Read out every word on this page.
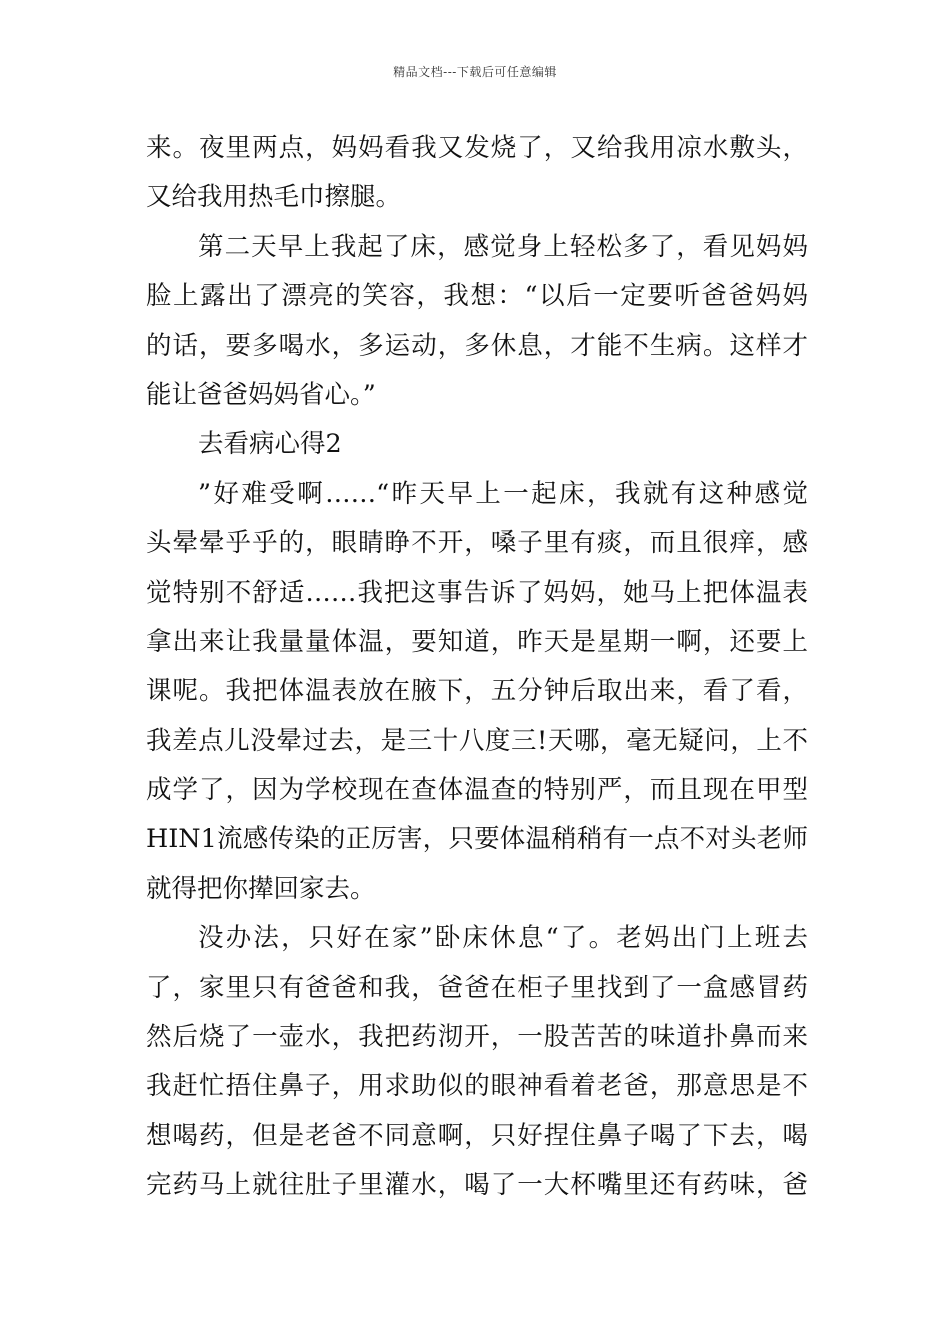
精品文档---下载后可任意编辑
来。夜里两点，妈妈看我又发烧了，又给我用凉水敷头，
又给我用热毛巾擦腿。
第二天早上我起了床，感觉身上轻松多了，看见妈妈
脸上露出了漂亮的笑容，我想：“以后一定要听爸爸妈妈
的话，要多喝水，多运动，多休息，才能不生病。这样才
能让爸爸妈妈省心。”
去看病心得2
”好难受啊……“昨天早上一起床，我就有这种感觉
头晕晕乎乎的，眼睛睁不开，嗓子里有痰，而且很痒，感
觉特别不舒适……我把这事告诉了妈妈，她马上把体温表
拿出来让我量量体温，要知道，昨天是星期一啊，还要上
课呢。我把体温表放在腋下，五分钟后取出来，看了看，
我差点儿没晕过去，是三十八度三!天哪，毫无疑问，上不
成学了，因为学校现在查体温查的特别严，而且现在甲型
HIN1流感传染的正厉害，只要体温稍稍有一点不对头老师
就得把你撵回家去。
没办法，只好在家”卧床休息“了。老妈出门上班去
了，家里只有爸爸和我，爸爸在柜子里找到了一盒感冒药
然后烧了一壶水，我把药沏开，一股苦苦的味道扑鼻而来
我赶忙捂住鼻子，用求助似的眼神看着老爸，那意思是不
想喝药，但是老爸不同意啊，只好捏住鼻子喝了下去，喝
完药马上就往肚子里灌水，喝了一大杯嘴里还有药味，爸
